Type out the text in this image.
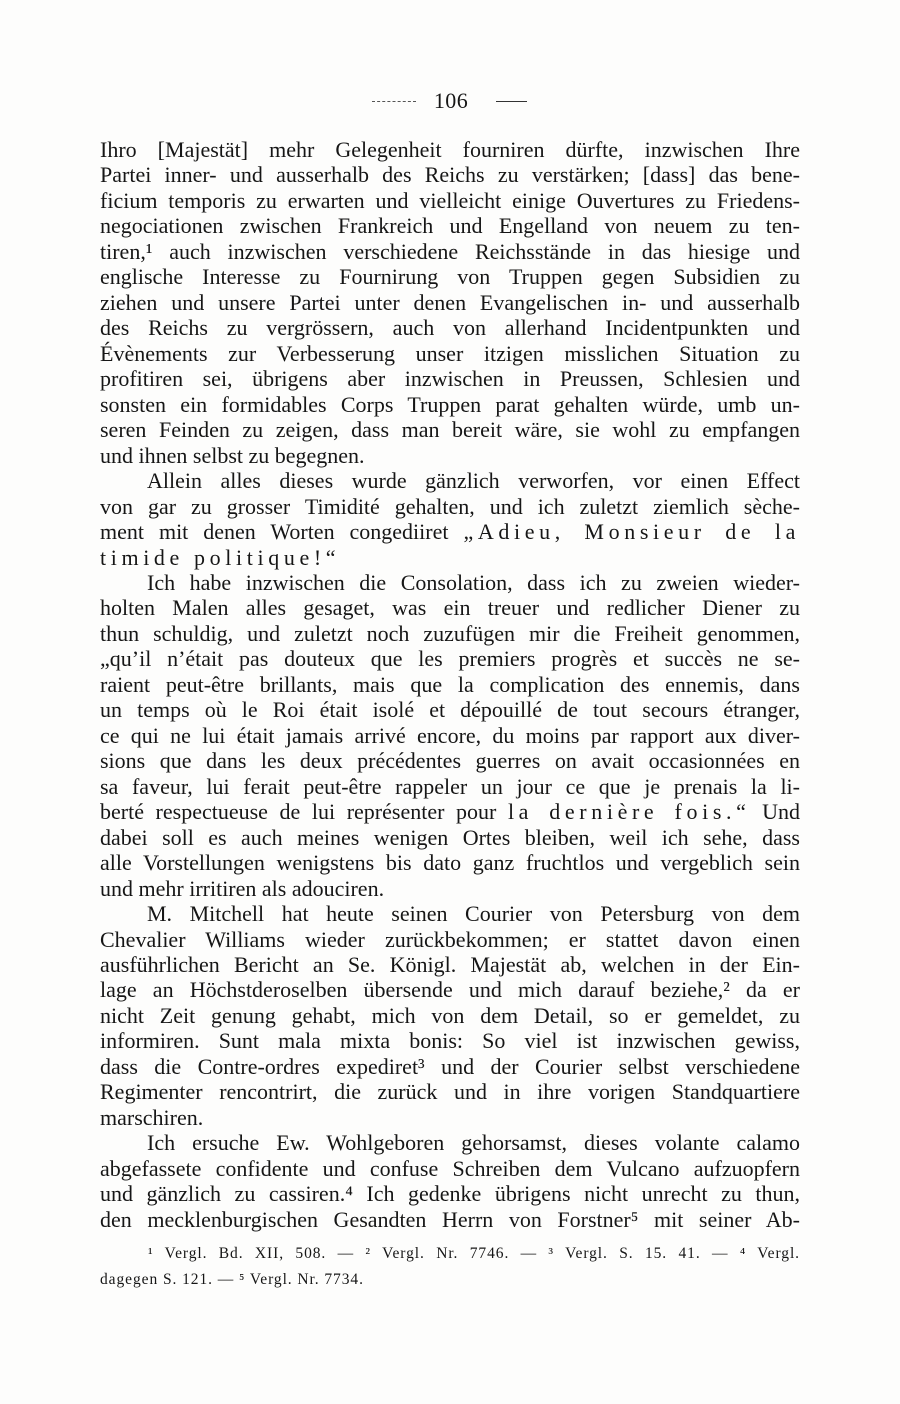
106
Ihro [Majestät] mehr Gelegenheit fourniren dürfte, inzwischen Ihre
Partei inner- und ausserhalb des Reichs zu verstärken; [dass] das bene-
ficium temporis zu erwarten und vielleicht einige Ouvertures zu Friedens-
negociationen zwischen Frankreich und Engelland von neuem zu ten-
tiren,¹ auch inzwischen verschiedene Reichsstände in das hiesige und
englische Interesse zu Fournirung von Truppen gegen Subsidien zu
ziehen und unsere Partei unter denen Evangelischen in- und ausserhalb
des Reichs zu vergrössern, auch von allerhand Incidentpunkten und
Évènements zur Verbesserung unser itzigen misslichen Situation zu
profitiren sei, übrigens aber inzwischen in Preussen, Schlesien und
sonsten ein formidables Corps Truppen parat gehalten würde, umb un-
seren Feinden zu zeigen, dass man bereit wäre, sie wohl zu empfangen
und ihnen selbst zu begegnen.
Allein alles dieses wurde gänzlich verworfen, vor einen Effect
von gar zu grosser Timidité gehalten, und ich zuletzt ziemlich sèche-
ment mit denen Worten congediiret „Adieu, Monsieur de la
timide politique!“
Ich habe inzwischen die Consolation, dass ich zu zweien wieder-
holten Malen alles gesaget, was ein treuer und redlicher Diener zu
thun schuldig, und zuletzt noch zuzufügen mir die Freiheit genommen,
„qu’il n’était pas douteux que les premiers progrès et succès ne se-
raient peut-être brillants, mais que la complication des ennemis, dans
un temps où le Roi était isolé et dépouillé de tout secours étranger,
ce qui ne lui était jamais arrivé encore, du moins par rapport aux diver-
sions que dans les deux précédentes guerres on avait occasionnées en
sa faveur, lui ferait peut-être rappeler un jour ce que je prenais la li-
berté respectueuse de lui représenter pour la dernière fois.“ Und
dabei soll es auch meines wenigen Ortes bleiben, weil ich sehe, dass
alle Vorstellungen wenigstens bis dato ganz fruchtlos und vergeblich sein
und mehr irritiren als adouciren.
M. Mitchell hat heute seinen Courier von Petersburg von dem
Chevalier Williams wieder zurückbekommen; er stattet davon einen
ausführlichen Bericht an Se. Königl. Majestät ab, welchen in der Ein-
lage an Höchstderoselben übersende und mich darauf beziehe,² da er
nicht Zeit genung gehabt, mich von dem Detail, so er gemeldet, zu
informiren. Sunt mala mixta bonis: So viel ist inzwischen gewiss,
dass die Contre-ordres expediret³ und der Courier selbst verschiedene
Regimenter rencontrirt, die zurück und in ihre vorigen Standquartiere
marschiren.
Ich ersuche Ew. Wohlgeboren gehorsamst, dieses volante calamo
abgefassete confidente und confuse Schreiben dem Vulcano aufzuopfern
und gänzlich zu cassiren.⁴ Ich gedenke übrigens nicht unrecht zu thun,
den mecklenburgischen Gesandten Herrn von Forstner⁵ mit seiner Ab-
¹ Vergl. Bd. XII, 508. — ² Vergl. Nr. 7746. — ³ Vergl. S. 15. 41. — ⁴ Vergl.
dagegen S. 121. — ⁵ Vergl. Nr. 7734.
